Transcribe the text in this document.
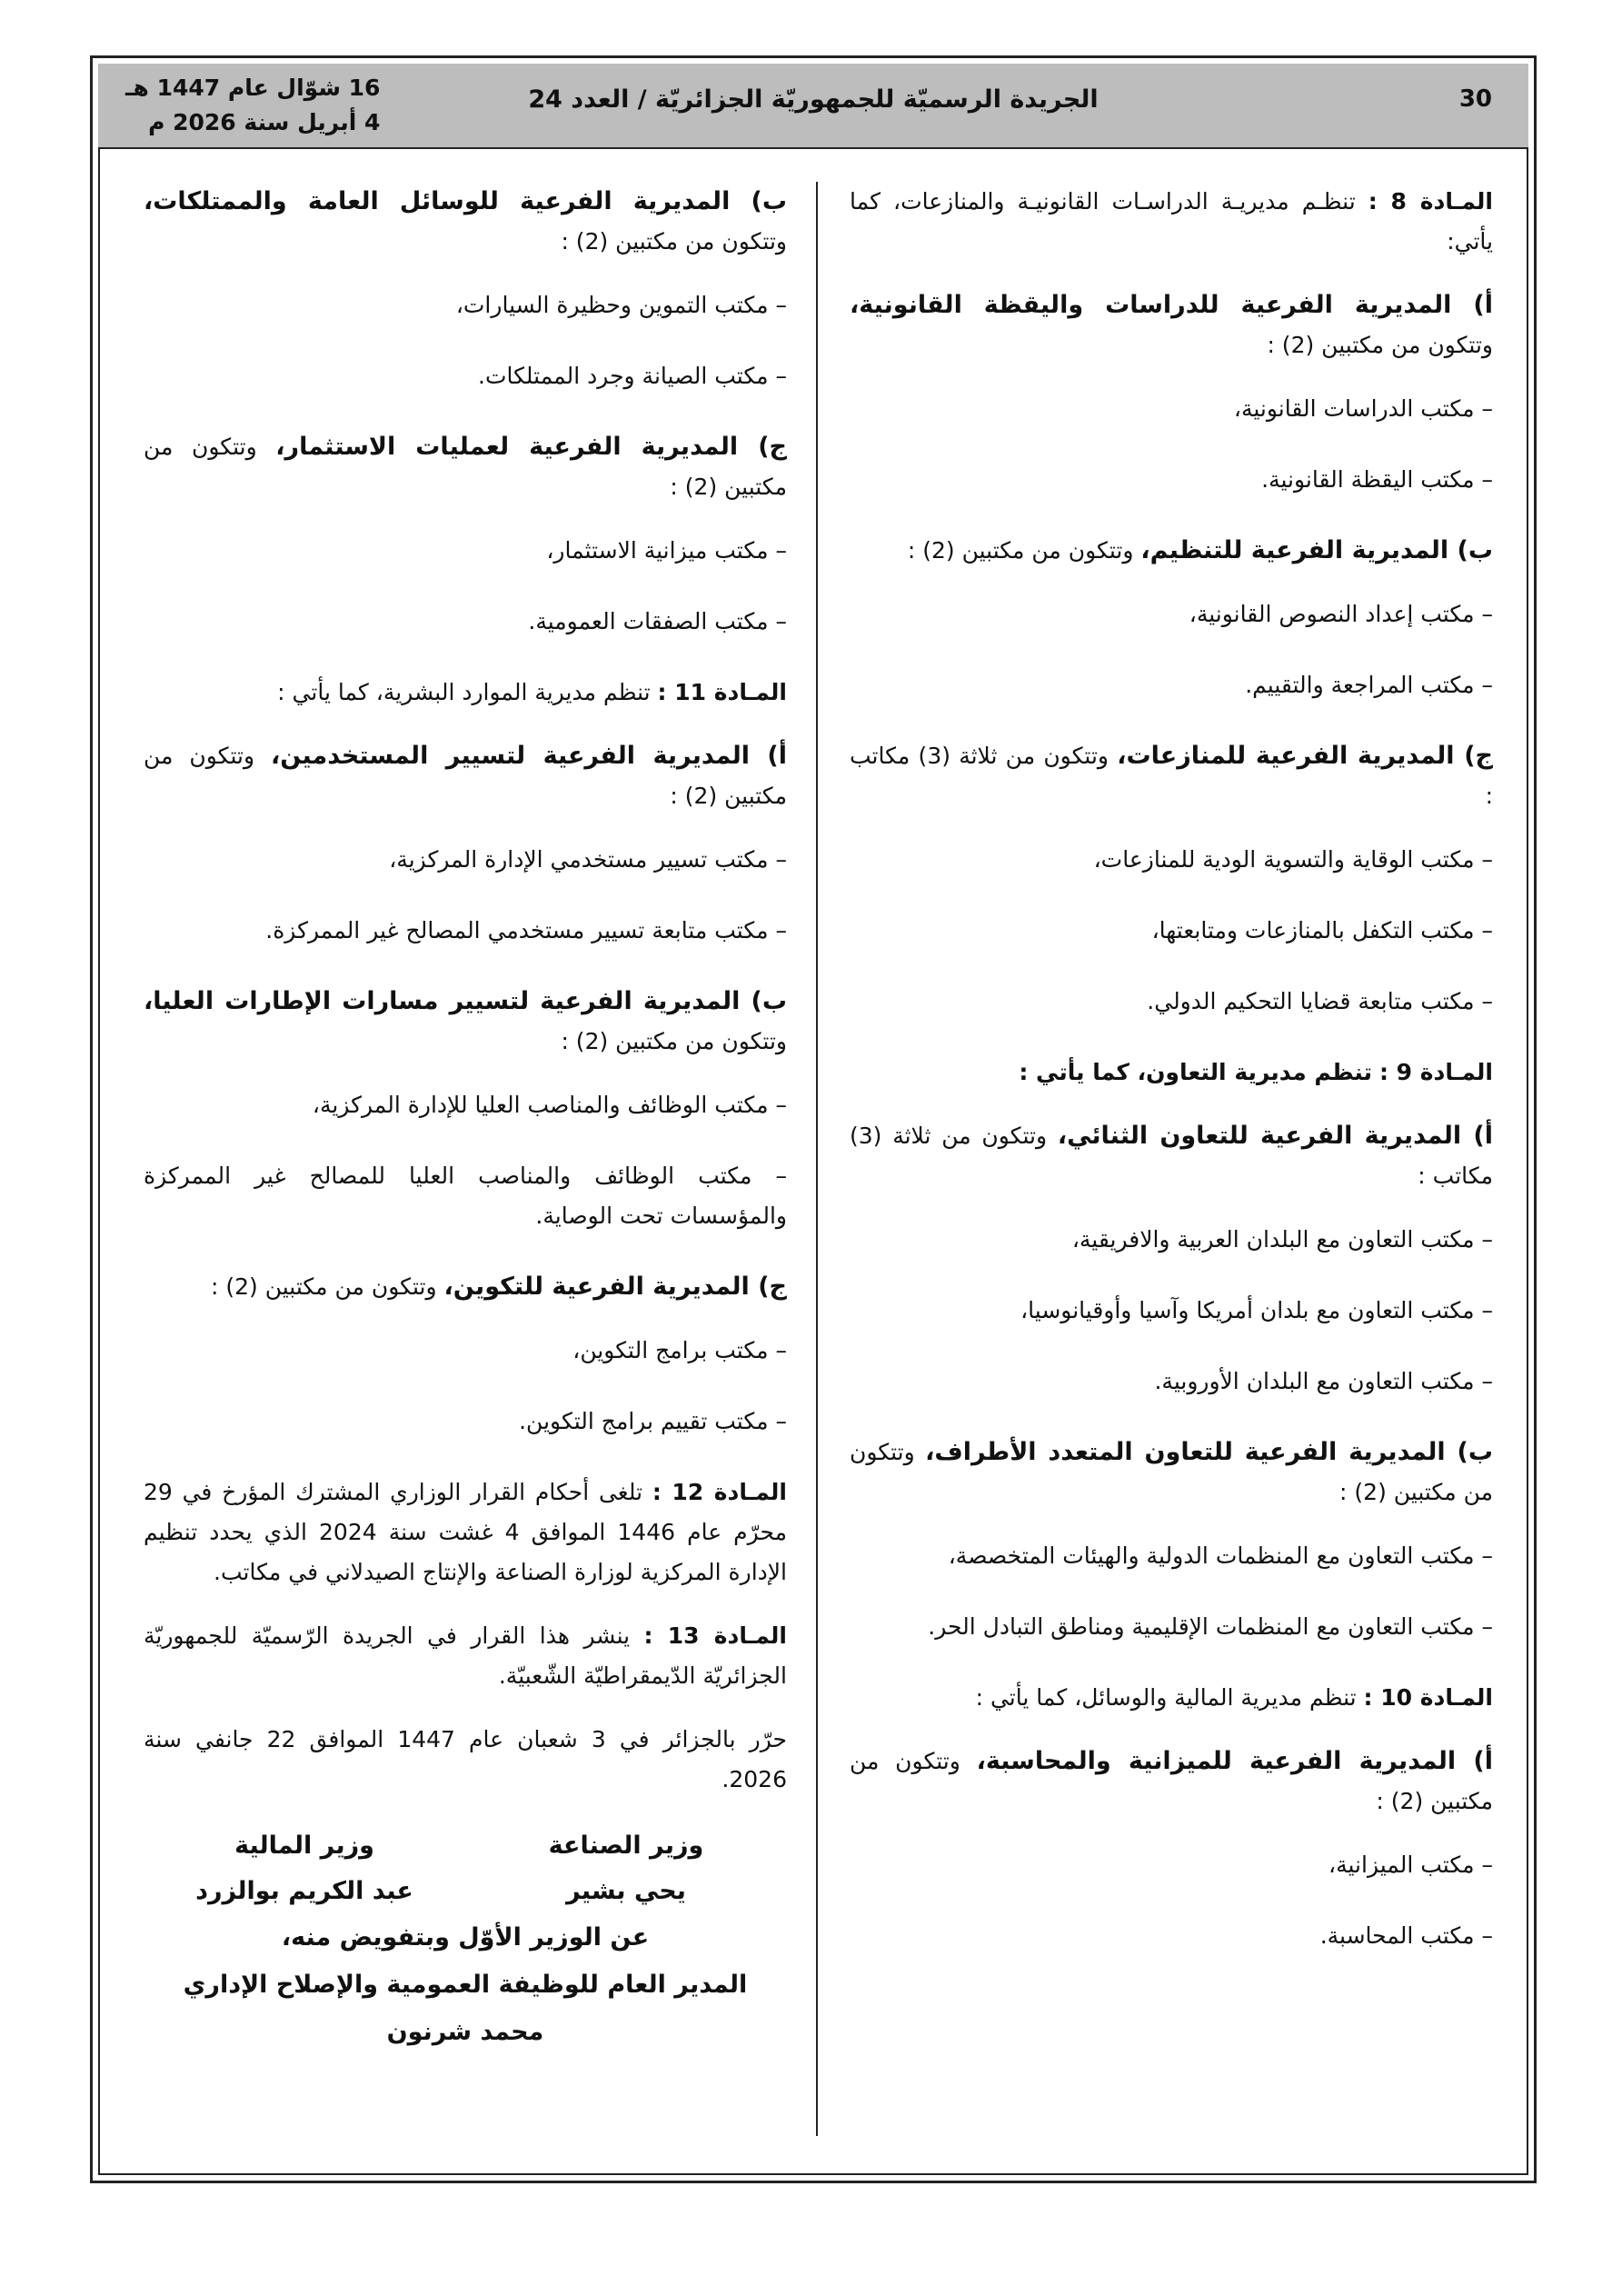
30
الجريدة الرسميّة للجمهوريّة الجزائريّة / العدد 24
16 شوّال عام 1447 هـ
4 أبريل سنة 2026 م

المـادة 8 : تنظـم مديريـة الدراسـات القانونيـة والمنازعات، كما يأتي:

أ) المديرية الفرعية للدراسات واليقظة القانونية، وتتكون من مكتبين (2) :

– مكتب الدراسات القانونية،

– مكتب اليقظة القانونية.

ب) المديرية الفرعية للتنظيم، وتتكون من مكتبين (2) :

– مكتب إعداد النصوص القانونية،

– مكتب المراجعة والتقييم.

ج) المديرية الفرعية للمنازعات، وتتكون من ثلاثة (3) مكاتب :

– مكتب الوقاية والتسوية الودية للمنازعات،

– مكتب التكفل بالمنازعات ومتابعتها،

– مكتب متابعة قضايا التحكيم الدولي.

المـادة 9 : تنظم مديرية التعاون، كما يأتي :

أ) المديرية الفرعية للتعاون الثنائي، وتتكون من ثلاثة (3) مكاتب :

– مكتب التعاون مع البلدان العربية والافريقية،

– مكتب التعاون مع بلدان أمريكا وآسيا وأوقيانوسيا،

– مكتب التعاون مع البلدان الأوروبية.

ب) المديرية الفرعية للتعاون المتعدد الأطراف، وتتكون من مكتبين (2) :

– مكتب التعاون مع المنظمات الدولية والهيئات المتخصصة،

– مكتب التعاون مع المنظمات الإقليمية ومناطق التبادل الحر.

المـادة 10 : تنظم مديرية المالية والوسائل، كما يأتي :

أ) المديرية الفرعية للميزانية والمحاسبة، وتتكون من مكتبين (2) :

– مكتب الميزانية،

– مكتب المحاسبة.

ب) المديرية الفرعية للوسائل العامة والممتلكات، وتتكون من مكتبين (2) :

– مكتب التموين وحظيرة السيارات،

– مكتب الصيانة وجرد الممتلكات.

ج) المديرية الفرعية لعمليات الاستثمار، وتتكون من مكتبين (2) :

– مكتب ميزانية الاستثمار،

– مكتب الصفقات العمومية.

المـادة 11 : تنظم مديرية الموارد البشرية، كما يأتي :

أ) المديرية الفرعية لتسيير المستخدمين، وتتكون من مكتبين (2) :

– مكتب تسيير مستخدمي الإدارة المركزية،

– مكتب متابعة تسيير مستخدمي المصالح غير الممركزة.

ب) المديرية الفرعية لتسيير مسارات الإطارات العليا، وتتكون من مكتبين (2) :

– مكتب الوظائف والمناصب العليا للإدارة المركزية،

– مكتب الوظائف والمناصب العليا للمصالح غير الممركزة والمؤسسات تحت الوصاية.

ج) المديرية الفرعية للتكوين، وتتكون من مكتبين (2) :

– مكتب برامج التكوين،

– مكتب تقييم برامج التكوين.

المـادة 12 : تلغى أحكام القرار الوزاري المشترك المؤرخ في 29 محرّم عام 1446 الموافق 4 غشت سنة 2024 الذي يحدد تنظيم الإدارة المركزية لوزارة الصناعة والإنتاج الصيدلاني في مكاتب.

المـادة 13 : ينشر هذا القرار في الجريدة الرّسميّة للجمهوريّة الجزائريّة الدّيمقراطيّة الشّعبيّة.

حرّر بالجزائر في 3 شعبان عام 1447 الموافق 22 جانفي سنة 2026.

وزير الصناعة
وزير المالية
يحي بشير
عبد الكريم بوالزرد
عن الوزير الأوّل وبتفويض منه،
المدير العام للوظيفة العمومية والإصلاح الإداري
محمد شرنون
